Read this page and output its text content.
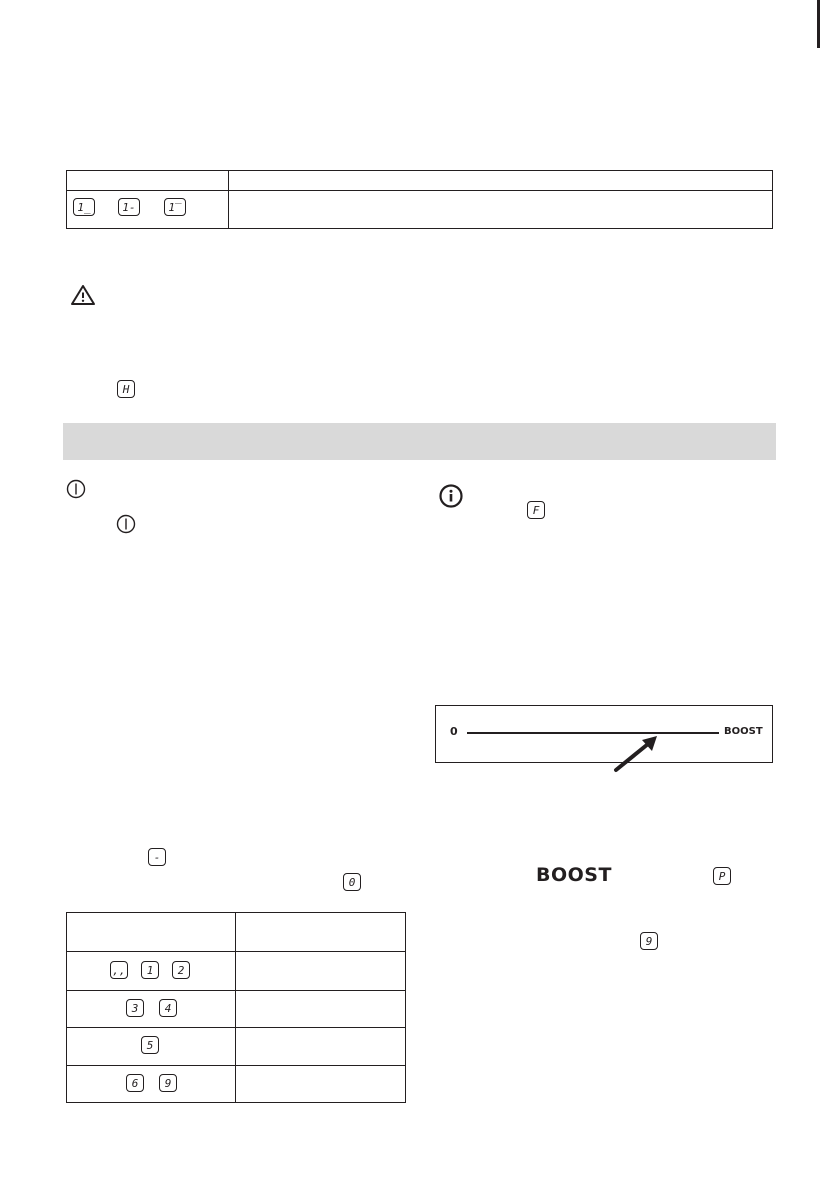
1_	1-	1‾
H
-
0
‚‚	1	2
3	4
5
6	9
F
0	BOOST
BOOST	P
9
